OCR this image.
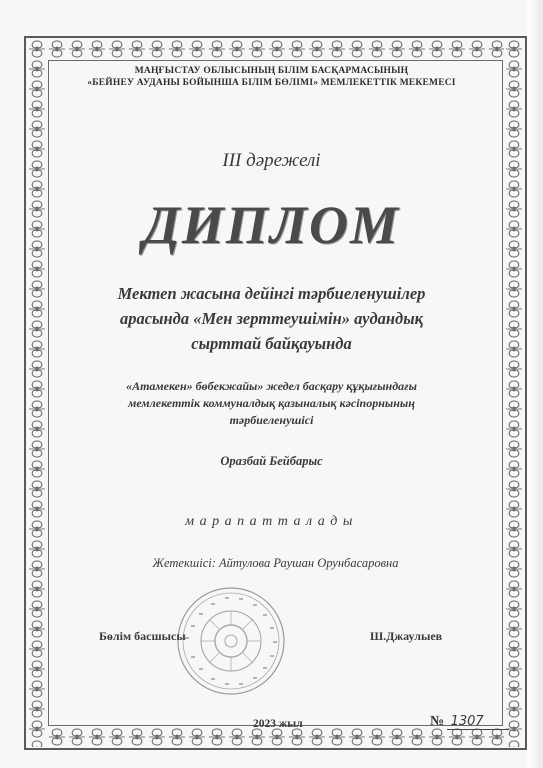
МАҢҒЫСТАУ ОБЛЫСЫНЫҢ БІЛІМ БАСҚАРМАСЫНЫҢ
«БЕЙНЕУ АУДАНЫ БОЙЫНША БІЛІМ БӨЛІМІ» МЕМЛЕКЕТТІК МЕКЕМЕСІ
III дәрежелі
ДИПЛОМ
Мектеп жасына дейінгі тәрбиеленушілер
арасында «Мен зерттеушімін» аудандық
сырттай байқауында
«Атамекен» бөбекжайы» жедел басқару құқығындағы
мемлекеттік коммуналдық қазыналық кәсіпорнының
тәрбиеленушісі
Оразбай Бейбарыс
марапатталады
Жетекшісі: Айтулова Раушан Орунбасаровна
Бөлім басшысы	Ш.Джаулыев
2023 жыл	№ 1307
